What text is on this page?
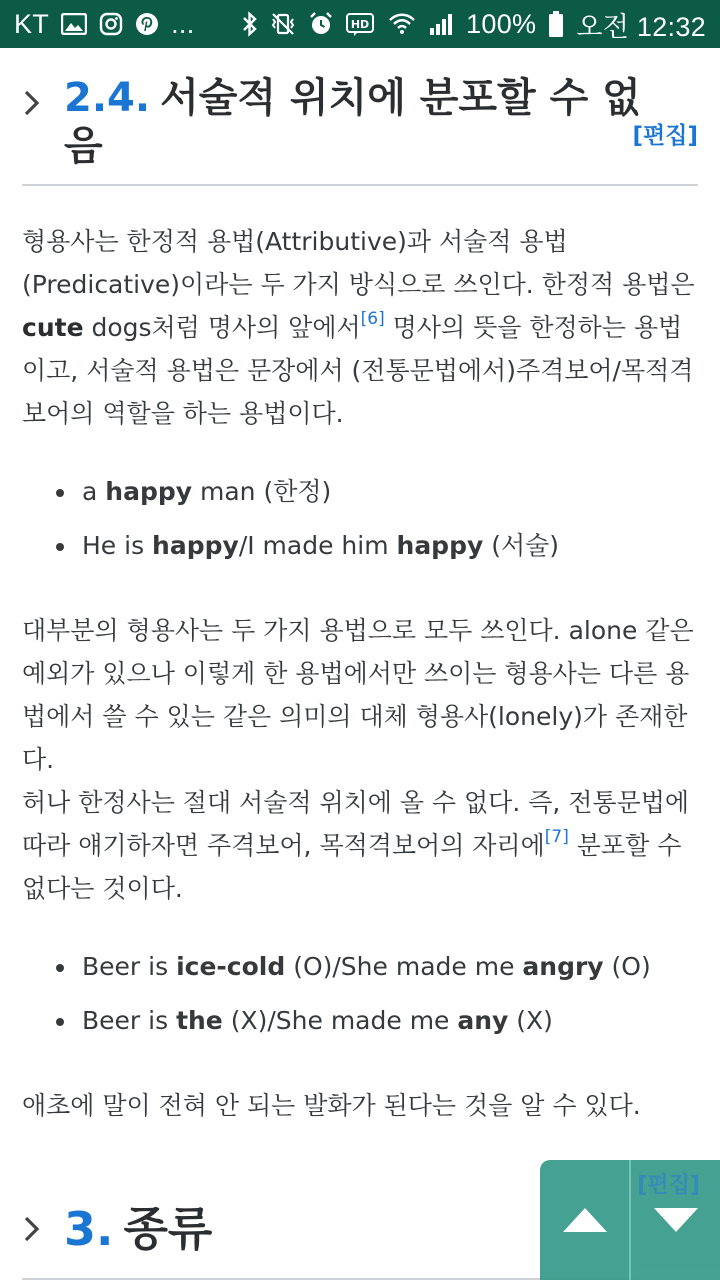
KT	...	HD	100% 오전 12:32
2.4. 서술적 위치에 분포할 수 없음	[편집]

형용사는 한정적 용법(Attributive)과 서술적 용법(Predicative)이라는 두 가지 방식으로 쓰인다. 한정적 용법은 cute dogs처럼 명사의 앞에서[6] 명사의 뜻을 한정하는 용법이고, 서술적 용법은 문장에서 (전통문법에서)주격보어/목적격보어의 역할을 하는 용법이다.

a happy man (한정)
He is happy/I made him happy (서술)

대부분의 형용사는 두 가지 용법으로 모두 쓰인다. alone 같은 예외가 있으나 이렇게 한 용법에서만 쓰이는 형용사는 다른 용법에서 쓸 수 있는 같은 의미의 대체 형용사(lonely)가 존재한다.
허나 한정사는 절대 서술적 위치에 올 수 없다. 즉, 전통문법에 따라 얘기하자면 주격보어, 목적격보어의 자리에[7] 분포할 수 없다는 것이다.

Beer is ice-cold (O)/She made me angry (O)
Beer is the (X)/She made me any (X)

애초에 말이 전혀 안 되는 발화가 된다는 것을 알 수 있다.

3. 종류
[편집]
